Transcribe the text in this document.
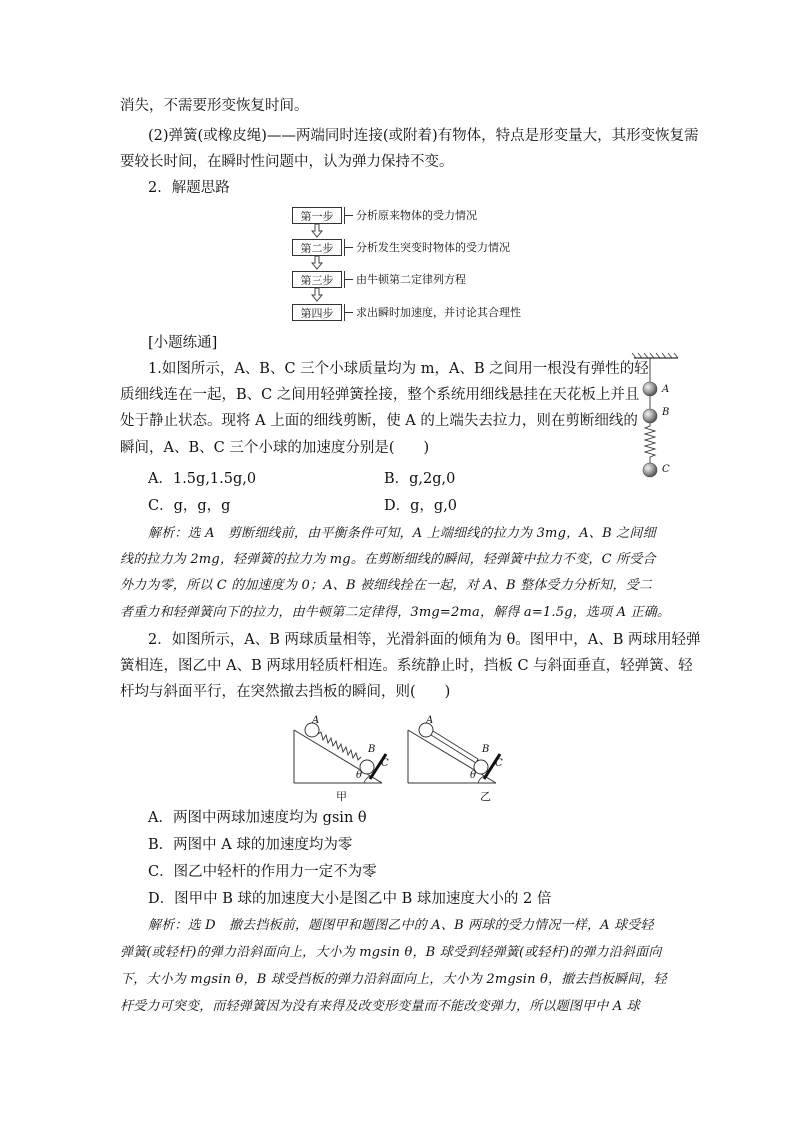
消失，不需要形变恢复时间。
(2)弹簧(或橡皮绳)——两端同时连接(或附着)有物体，特点是形变量大，其形变恢复需
要较长时间，在瞬时性问题中，认为弹力保持不变。
2．解题思路
第一步	分析原来物体的受力情况
第二步	分析发生突变时物体的受力情况
第三步	由牛顿第二定律列方程
第四步	求出瞬时加速度，并讨论其合理性
[小题练通]
1.如图所示，A、B、C 三个小球质量均为 m，A、B 之间用一根没有弹性的轻
质细线连在一起，B、C 之间用轻弹簧拴接，整个系统用细线悬挂在天花板上并且
处于静止状态。现将 A 上面的细线剪断，使 A 的上端失去拉力，则在剪断细线的
瞬间，A、B、C 三个小球的加速度分别是(　　)
A
B
C
A．1.5g,1.5g,0	B．g,2g,0
C．g，g，g	D．g，g,0
解析：选 A　剪断细线前，由平衡条件可知，A 上端细线的拉力为 3mg，A、B 之间细
线的拉力为 2mg，轻弹簧的拉力为 mg。在剪断细线的瞬间，轻弹簧中拉力不变，C 所受合
外力为零，所以 C 的加速度为 0；A、B 被细线拴在一起，对 A、B 整体受力分析知，受二
者重力和轻弹簧向下的拉力，由牛顿第二定律得，3mg=2ma，解得 a=1.5g，选项 A 正确。
2．如图所示，A、B 两球质量相等，光滑斜面的倾角为 θ。图甲中，A、B 两球用轻弹
簧相连，图乙中 A、B 两球用轻质杆相连。系统静止时，挡板 C 与斜面垂直，轻弹簧、轻
杆均与斜面平行，在突然撤去挡板的瞬间，则(　　)
A
B
C
θ
甲
A
B
C
θ
乙
A．两图中两球加速度均为 gsin θ
B．两图中 A 球的加速度均为零
C．图乙中轻杆的作用力一定不为零
D．图甲中 B 球的加速度大小是图乙中 B 球加速度大小的 2 倍
解析：选 D　撤去挡板前，题图甲和题图乙中的 A、B 两球的受力情况一样，A 球受轻
弹簧(或轻杆)的弹力沿斜面向上，大小为 mgsin θ，B 球受到轻弹簧(或轻杆)的弹力沿斜面向
下，大小为 mgsin θ，B 球受挡板的弹力沿斜面向上，大小为 2mgsin θ，撤去挡板瞬间，轻
杆受力可突变，而轻弹簧因为没有来得及改变形变量而不能改变弹力，所以题图甲中 A 球
